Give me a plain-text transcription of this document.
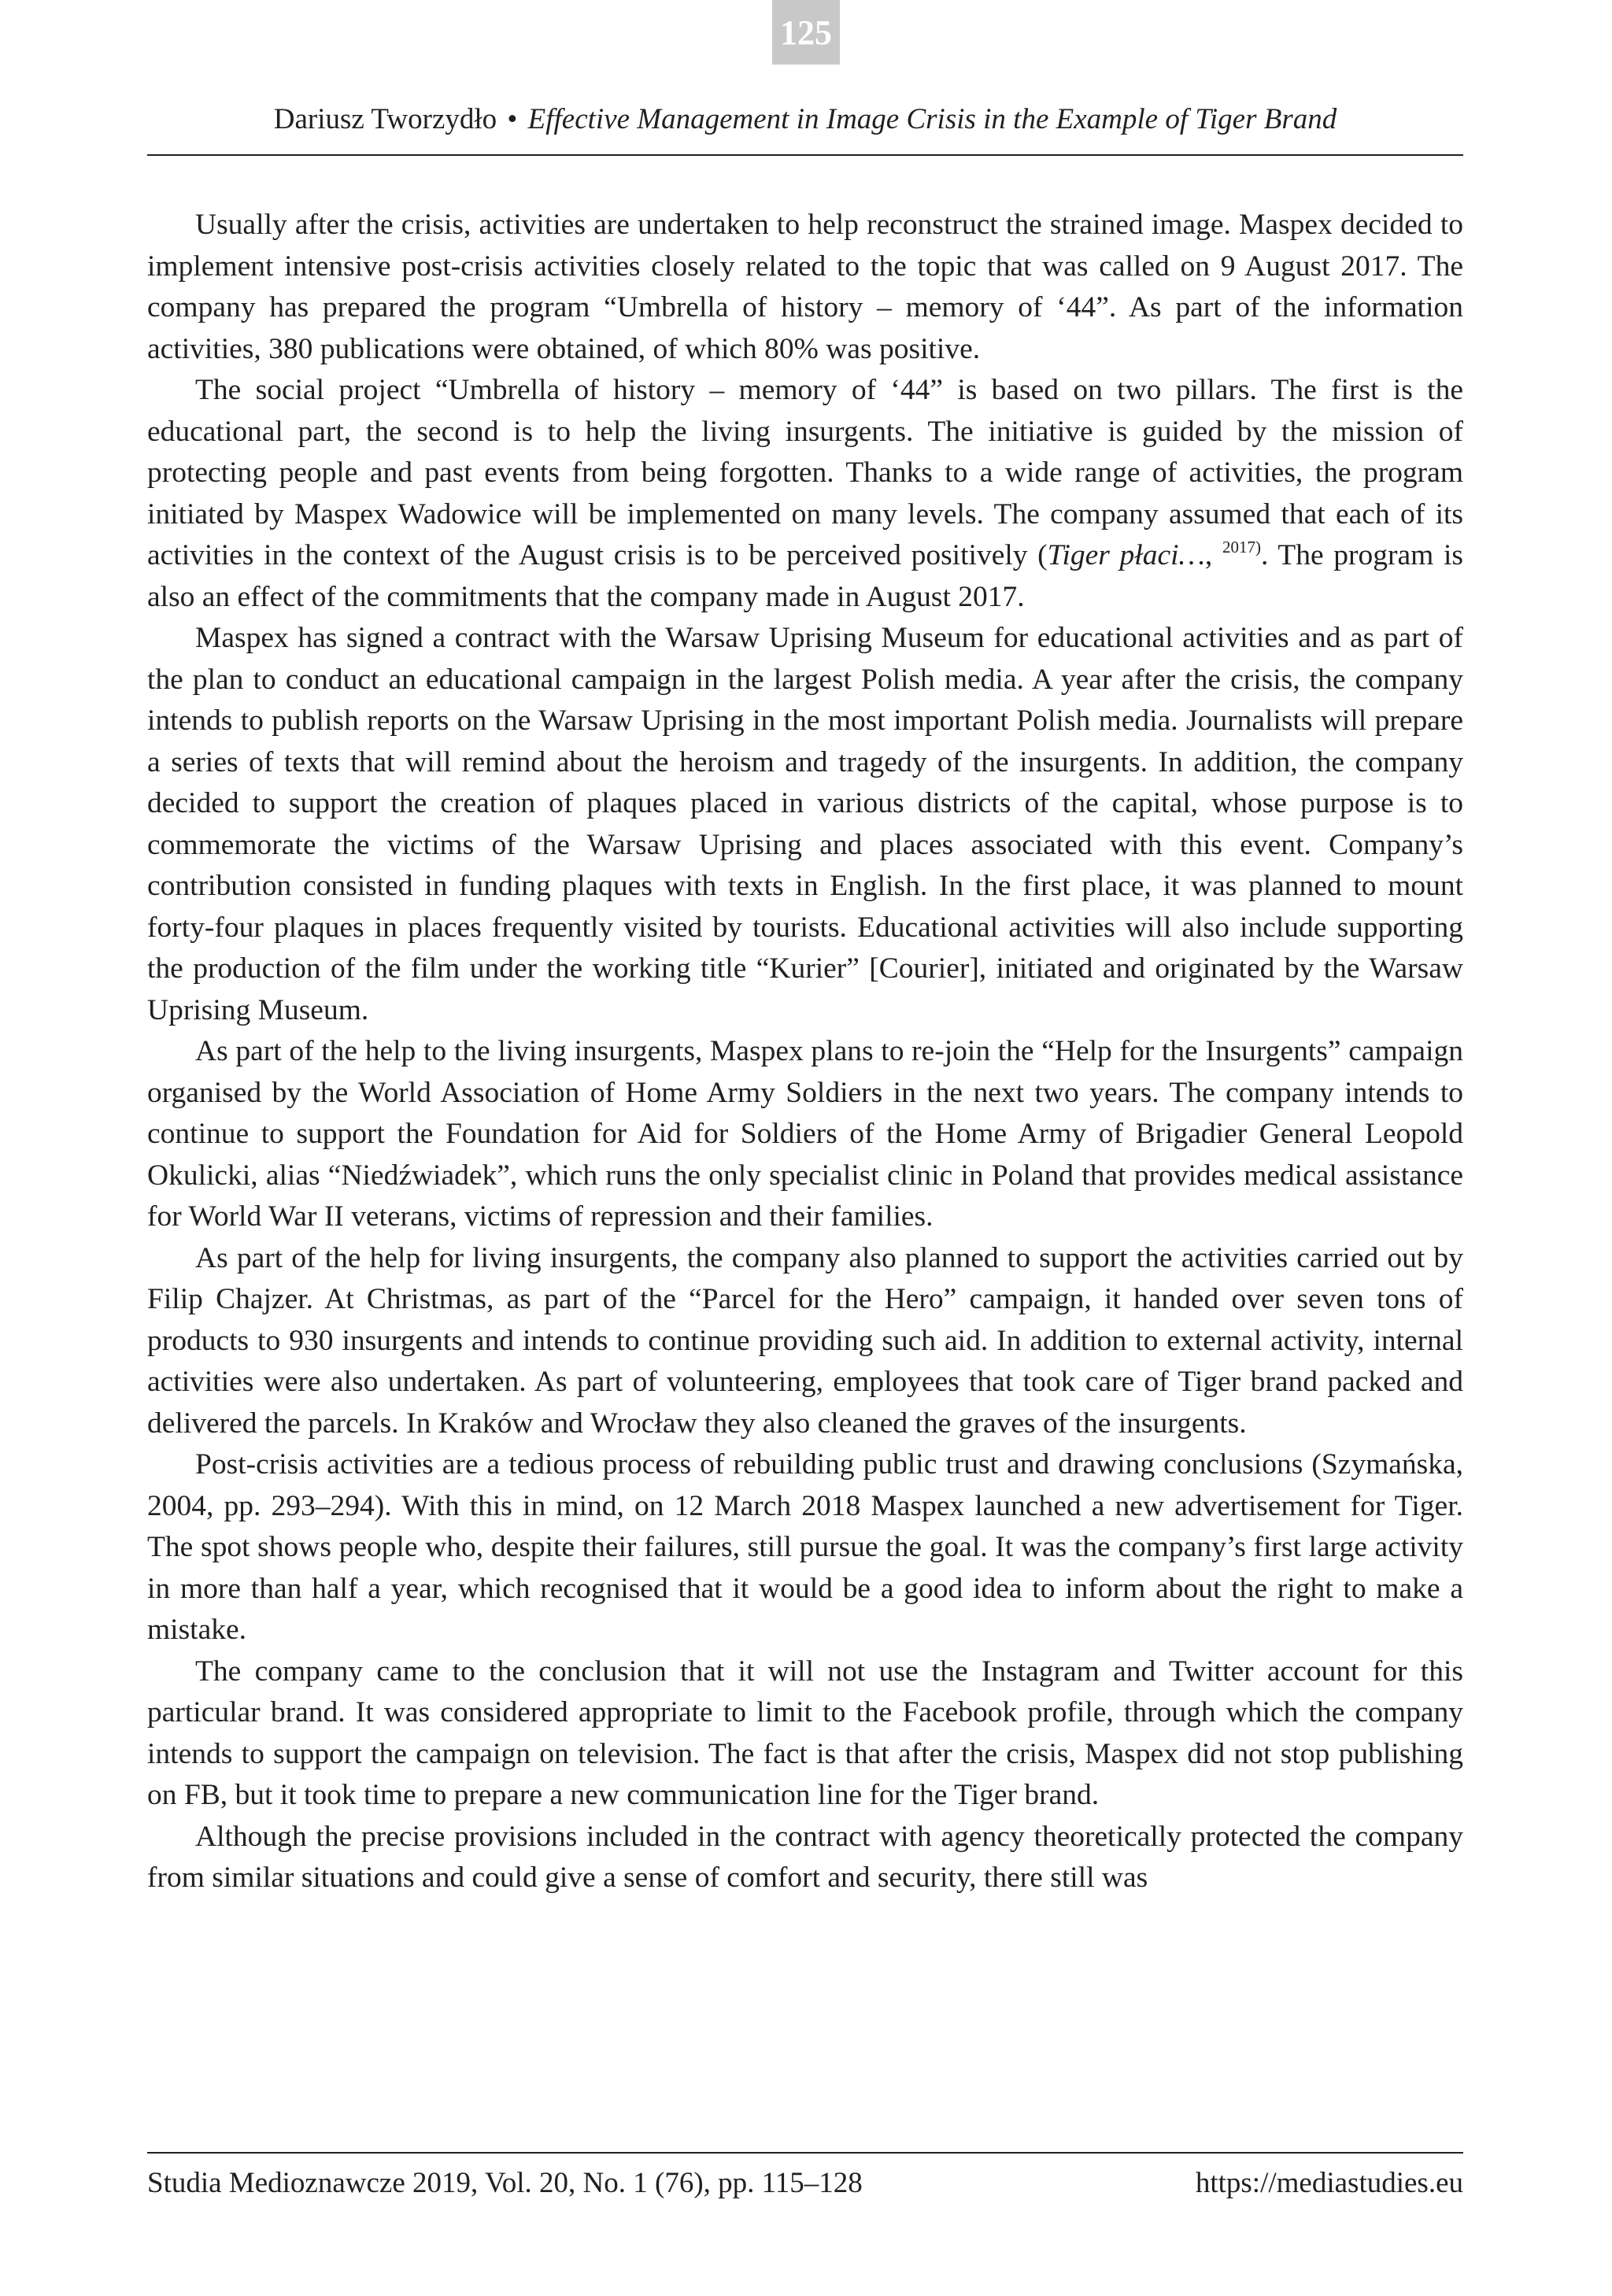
125
Dariusz Tworzydło • Effective Management in Image Crisis in the Example of Tiger Brand

Usually after the crisis, activities are undertaken to help reconstruct the strained image. Maspex decided to implement intensive post-crisis activities closely related to the topic that was called on 9 August 2017. The company has prepared the program “Umbrella of history – memory of ‘44”. As part of the information activities, 380 publications were obtained, of which 80% was positive.

The social project “Umbrella of history – memory of ‘44” is based on two pillars. The first is the educational part, the second is to help the living insurgents. The initiative is guided by the mission of protecting people and past events from being forgotten. Thanks to a wide range of activities, the program initiated by Maspex Wadowice will be implemented on many levels. The company assumed that each of its activities in the context of the August crisis is to be perceived positively (Tiger płaci…, $^{2017)}$. The program is also an effect of the commitments that the company made in August 2017.

Maspex has signed a contract with the Warsaw Uprising Museum for educational activities and as part of the plan to conduct an educational campaign in the largest Polish media. A year after the crisis, the company intends to publish reports on the Warsaw Uprising in the most important Polish media. Journalists will prepare a series of texts that will remind about the heroism and tragedy of the insurgents. In addition, the company decided to support the creation of plaques placed in various districts of the capital, whose purpose is to commemorate the victims of the Warsaw Uprising and places associated with this event. Company’s contribution consisted in funding plaques with texts in English. In the first place, it was planned to mount forty-four plaques in places frequently visited by tourists. Educational activities will also include supporting the production of the film under the working title “Kurier” [Courier], initiated and originated by the Warsaw Uprising Museum.

As part of the help to the living insurgents, Maspex plans to re-join the “Help for the Insurgents” campaign organised by the World Association of Home Army Soldiers in the next two years. The company intends to continue to support the Foundation for Aid for Soldiers of the Home Army of Brigadier General Leopold Okulicki, alias “Niedźwiadek”, which runs the only specialist clinic in Poland that provides medical assistance for World War II veterans, victims of repression and their families.

As part of the help for living insurgents, the company also planned to support the activities carried out by Filip Chajzer. At Christmas, as part of the “Parcel for the Hero” campaign, it handed over seven tons of products to 930 insurgents and intends to continue providing such aid. In addition to external activity, internal activities were also undertaken. As part of volunteering, employees that took care of Tiger brand packed and delivered the parcels. In Kraków and Wrocław they also cleaned the graves of the insurgents.

Post-crisis activities are a tedious process of rebuilding public trust and drawing conclusions (Szymańska, 2004, pp. 293–294). With this in mind, on 12 March 2018 Maspex launched a new advertisement for Tiger. The spot shows people who, despite their failures, still pursue the goal. It was the company’s first large activity in more than half a year, which recognised that it would be a good idea to inform about the right to make a mistake.

The company came to the conclusion that it will not use the Instagram and Twitter account for this particular brand. It was considered appropriate to limit to the Facebook profile, through which the company intends to support the campaign on television. The fact is that after the crisis, Maspex did not stop publishing on FB, but it took time to prepare a new communication line for the Tiger brand.

Although the precise provisions included in the contract with agency theoretically protected the company from similar situations and could give a sense of comfort and security, there still was

Studia Medioznawcze 2019, Vol. 20, No. 1 (76), pp. 115–128	https://mediastudies.eu
